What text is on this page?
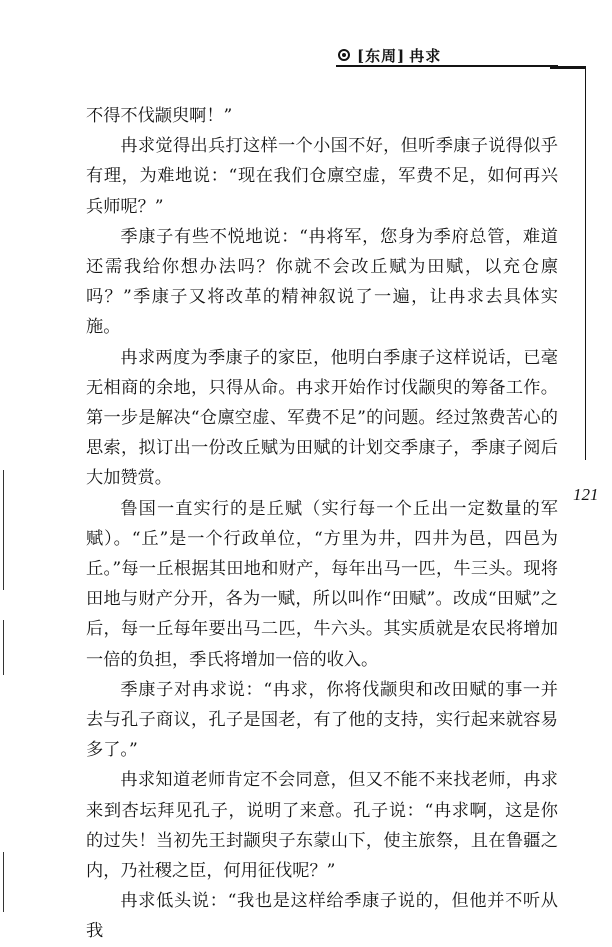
[东周] 冉求
121

不得不伐颛臾啊！”

冉求觉得出兵打这样一个小国不好，但听季康子说得似乎有理，为难地说：“现在我们仓廪空虚，军费不足，如何再兴兵师呢？”

季康子有些不悦地说：“冉将军，您身为季府总管，难道还需我给你想办法吗？你就不会改丘赋为田赋，以充仓廪吗？”季康子又将改革的精神叙说了一遍，让冉求去具体实施。

冉求两度为季康子的家臣，他明白季康子这样说话，已毫无相商的余地，只得从命。冉求开始作讨伐颛臾的筹备工作。第一步是解决“仓廪空虚、军费不足”的问题。经过煞费苦心的思索，拟订出一份改丘赋为田赋的计划交季康子，季康子阅后大加赞赏。

鲁国一直实行的是丘赋（实行每一个丘出一定数量的军赋）。“丘”是一个行政单位，“方里为井，四井为邑，四邑为丘。”每一丘根据其田地和财产，每年出马一匹，牛三头。现将田地与财产分开，各为一赋，所以叫作“田赋”。改成“田赋”之后，每一丘每年要出马二匹，牛六头。其实质就是农民将增加一倍的负担，季氏将增加一倍的收入。

季康子对冉求说：“冉求，你将伐颛臾和改田赋的事一并去与孔子商议，孔子是国老，有了他的支持，实行起来就容易多了。”

冉求知道老师肯定不会同意，但又不能不来找老师，冉求来到杏坛拜见孔子，说明了来意。孔子说：“冉求啊，这是你的过失！当初先王封颛臾子东蒙山下，使主旅祭，且在鲁疆之内，乃社稷之臣，何用征伐呢？”

冉求低头说：“我也是这样给季康子说的，但他并不听从我
